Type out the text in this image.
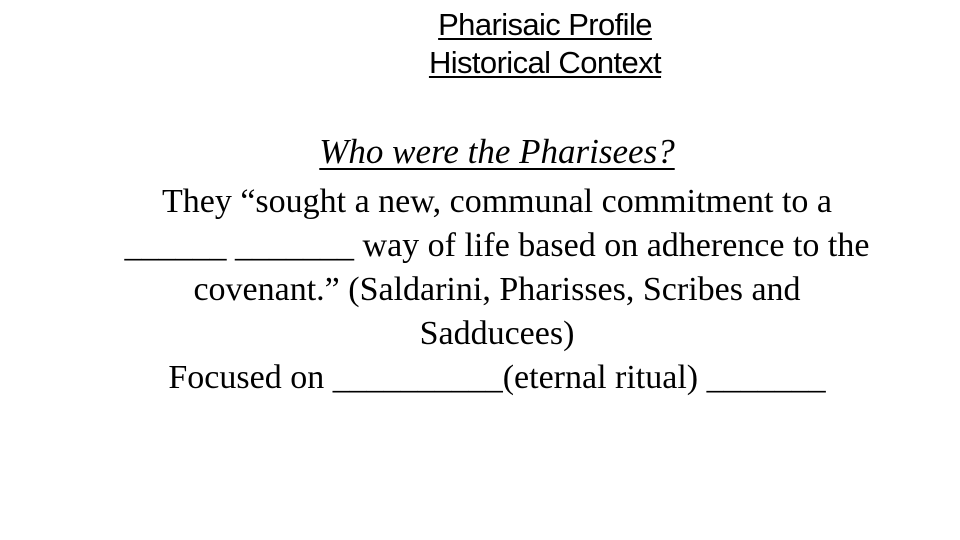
Pharisaic Profile
Historical Context
Who were the Pharisees?
They “sought a new, communal commitment to a
______ _______ way of life based on adherence to the
covenant.” (Saldarini, Pharisses, Scribes and
Sadducees)
Focused on __________(eternal ritual) _______
